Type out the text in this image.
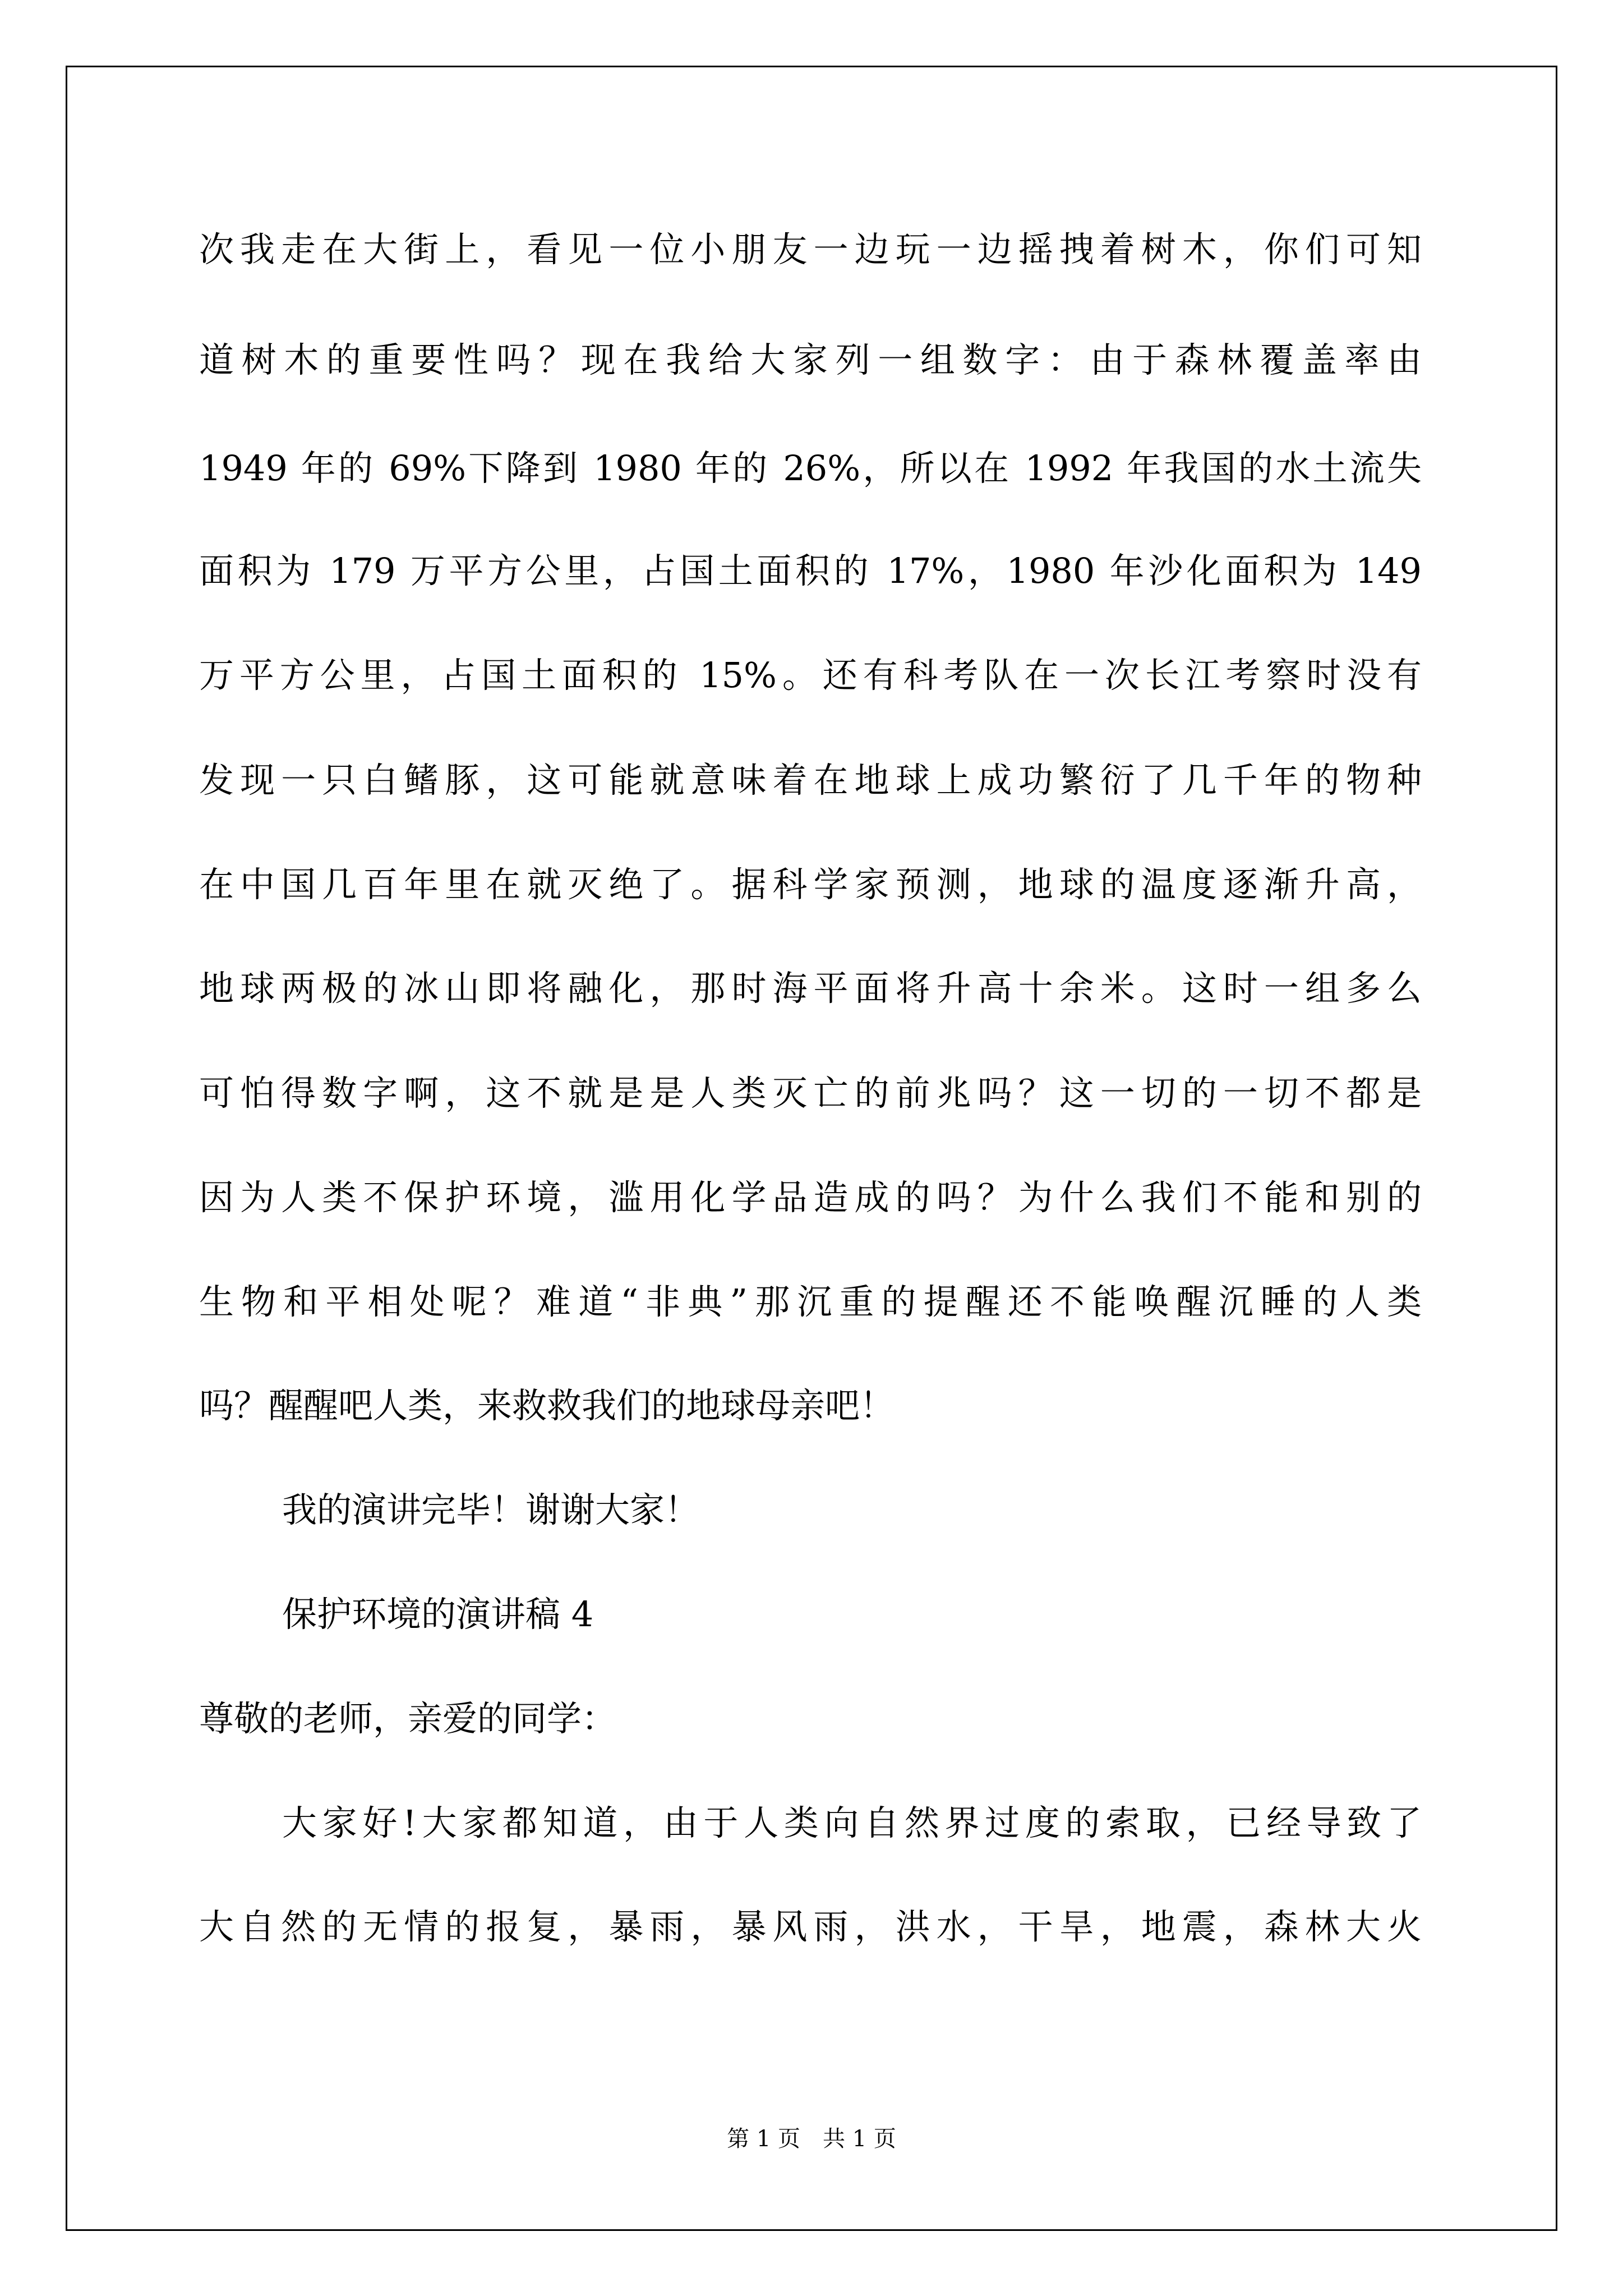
次我走在大街上，看见一位小朋友一边玩一边摇拽着树木，你们可知
道树木的重要性吗？现在我给大家列一组数字：由于森林覆盖率由
1949 年的 69%下降到 1980 年的 26%，所以在 1992 年我国的水土流失
面积为 179 万平方公里，占国土面积的 17%，1980 年沙化面积为 149
万平方公里，占国土面积的 15%。还有科考队在一次长江考察时没有
发现一只白鳍豚，这可能就意味着在地球上成功繁衍了几千年的物种
在中国几百年里在就灭绝了。据科学家预测，地球的温度逐渐升高，
地球两极的冰山即将融化，那时海平面将升高十余米。这时一组多么
可怕得数字啊，这不就是是人类灭亡的前兆吗？这一切的一切不都是
因为人类不保护环境，滥用化学品造成的吗？为什么我们不能和别的
生物和平相处呢？难道“非典”那沉重的提醒还不能唤醒沉睡的人类
吗？醒醒吧人类，来救救我们的地球母亲吧！
我的演讲完毕！谢谢大家！
保护环境的演讲稿 4
尊敬的老师，亲爱的同学：
大家好!大家都知道，由于人类向自然界过度的索取，已经导致了
大自然的无情的报复，暴雨，暴风雨，洪水，干旱，地震，森林大火
第 1 页　共 1 页
